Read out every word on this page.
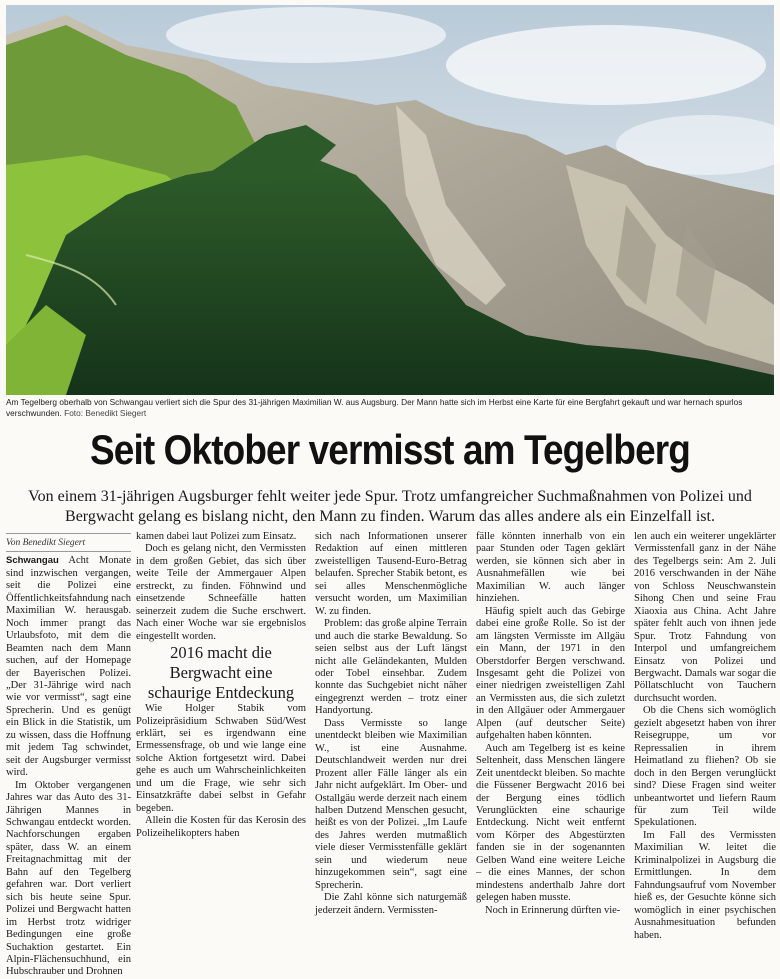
Am Tegelberg oberhalb von Schwangau verliert sich die Spur des 31-jährigen Maximilian W. aus Augsburg. Der Mann hatte sich im Herbst eine Karte für eine Bergfahrt gekauft und war hernach spurlos verschwunden. Foto: Benedikt Siegert
Seit Oktober vermisst am Tegelberg

Von einem 31-jährigen Augsburger fehlt weiter jede Spur. Trotz umfangreicher Suchmaßnahmen von Polizei und Bergwacht gelang es bislang nicht, den Mann zu finden. Warum das alles andere als ein Einzelfall ist.

Von Benedikt Siegert

Schwangau Acht Monate sind inzwischen vergangen, seit die Polizei eine Öffentlichkeitsfahndung nach Maximilian W. herausgab. Noch immer prangt das Urlaubsfoto, mit dem die Beamten nach dem Mann suchen, auf der Homepage der Bayerischen Polizei. „Der 31-Jährige wird nach wie vor vermisst“, sagt eine Sprecherin. Und es genügt ein Blick in die Statistik, um zu wissen, dass die Hoffnung mit jedem Tag schwindet, seit der Augsburger vermisst wird.

Im Oktober vergangenen Jahres war das Auto des 31-Jährigen Mannes in Schwangau entdeckt worden. Nachforschungen ergaben später, dass W. an einem Freitagnachmittag mit der Bahn auf den Tegelberg gefahren war. Dort verliert sich bis heute seine Spur. Polizei und Bergwacht hatten im Herbst trotz widriger Bedingungen eine große Suchaktion gestartet. Ein Alpin-Flächensuchhund, ein Hubschrauber und Drohnen

kamen dabei laut Polizei zum Einsatz.

Doch es gelang nicht, den Vermissten in dem großen Gebiet, das sich über weite Teile der Ammergauer Alpen erstreckt, zu finden. Föhnwind und einsetzende Schneefälle hatten seinerzeit zudem die Suche erschwert. Nach einer Woche war sie ergebnislos eingestellt worden.

2016 macht die Bergwacht eine schaurige Entdeckung

Wie Holger Stabik vom Polizeipräsidium Schwaben Süd/West erklärt, sei es irgendwann eine Ermessensfrage, ob und wie lange eine solche Aktion fortgesetzt wird. Dabei gehe es auch um Wahrscheinlichkeiten und um die Frage, wie sehr sich Einsatzkräfte dabei selbst in Gefahr begeben.

Allein die Kosten für das Kerosin des Polizeihelikopters haben

sich nach Informationen unserer Redaktion auf einen mittleren zweistelligen Tausend-Euro-Betrag belaufen. Sprecher Stabik betont, es sei alles Menschenmögliche versucht worden, um Maximilian W. zu finden.

Problem: das große alpine Terrain und auch die starke Bewaldung. So seien selbst aus der Luft längst nicht alle Geländekanten, Mulden oder Tobel einsehbar. Zudem konnte das Suchgebiet nicht näher eingegrenzt werden – trotz einer Handyortung.

Dass Vermisste so lange unentdeckt bleiben wie Maximilian W., ist eine Ausnahme. Deutschlandweit werden nur drei Prozent aller Fälle länger als ein Jahr nicht aufgeklärt. Im Ober- und Ostallgäu werde derzeit nach einem halben Dutzend Menschen gesucht, heißt es von der Polizei. „Im Laufe des Jahres werden mutmaßlich viele dieser Vermisstenfälle geklärt sein und wiederum neue hinzugekommen sein“, sagt eine Sprecherin.

Die Zahl könne sich naturgemäß jederzeit ändern. Vermissten-

fälle könnten innerhalb von ein paar Stunden oder Tagen geklärt werden, sie können sich aber in Ausnahmefällen wie bei Maximilian W. auch länger hinziehen.

Häufig spielt auch das Gebirge dabei eine große Rolle. So ist der am längsten Vermisste im Allgäu ein Mann, der 1971 in den Oberstdorfer Bergen verschwand. Insgesamt geht die Polizei von einer niedrigen zweistelligen Zahl an Vermissten aus, die sich zuletzt in den Allgäuer oder Ammergauer Alpen (auf deutscher Seite) aufgehalten haben könnten.

Auch am Tegelberg ist es keine Seltenheit, dass Menschen längere Zeit unentdeckt bleiben. So machte die Füssener Bergwacht 2016 bei der Bergung eines tödlich Verunglückten eine schaurige Entdeckung. Nicht weit entfernt vom Körper des Abgestürzten fanden sie in der sogenannten Gelben Wand eine weitere Leiche – die eines Mannes, der schon mindestens anderthalb Jahre dort gelegen haben musste.

Noch in Erinnerung dürften vie-

len auch ein weiterer ungeklärter Vermisstenfall ganz in der Nähe des Tegelbergs sein: Am 2. Juli 2016 verschwanden in der Nähe von Schloss Neuschwanstein Sihong Chen und seine Frau Xiaoxia aus China. Acht Jahre später fehlt auch von ihnen jede Spur. Trotz Fahndung von Interpol und umfangreichem Einsatz von Polizei und Bergwacht. Damals war sogar die Pöllatschlucht von Tauchern durchsucht worden.

Ob die Chens sich womöglich gezielt abgesetzt haben von ihrer Reisegruppe, um vor Repressalien in ihrem Heimatland zu fliehen? Ob sie doch in den Bergen verunglückt sind? Diese Fragen sind weiter unbeantwortet und liefern Raum für zum Teil wilde Spekulationen.

Im Fall des Vermissten Maximilian W. leitet die Kriminalpolizei in Augsburg die Ermittlungen. In dem Fahndungsaufruf vom November hieß es, der Gesuchte könne sich womöglich in einer psychischen Ausnahmesituation befunden haben.
